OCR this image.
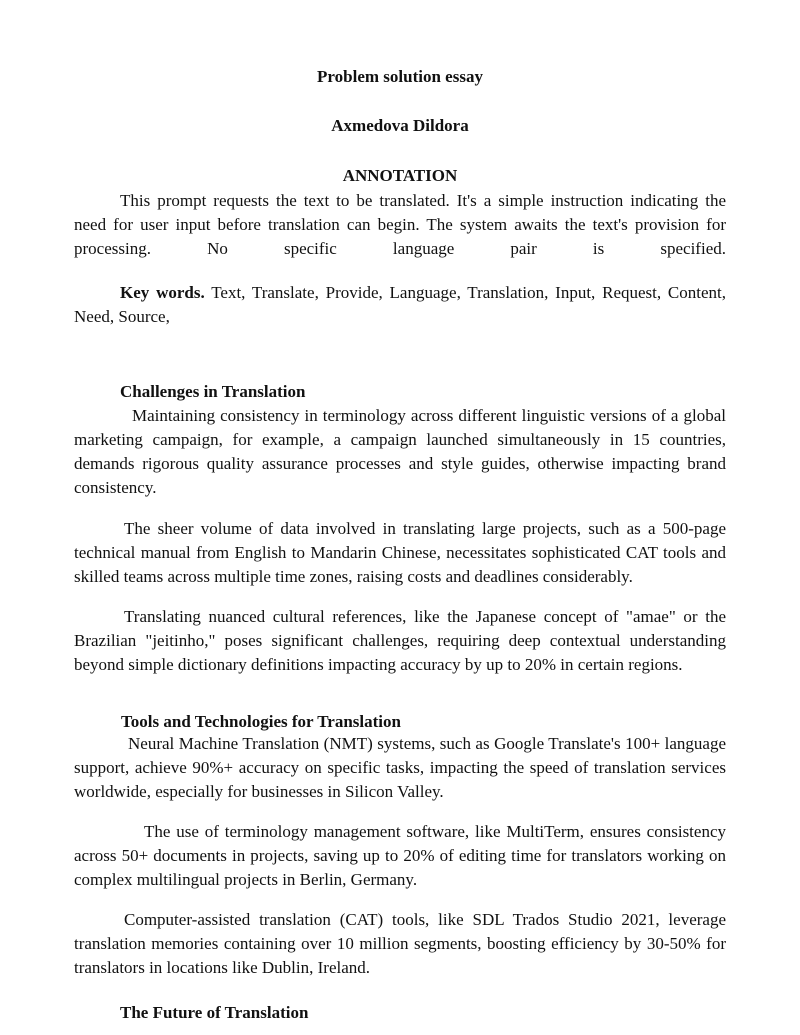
Problem solution essay
Axmedova Dildora
ANNOTATION
This prompt requests the text to be translated. It's a simple instruction indicating the need for user input before translation can begin. The system awaits the text's provision for processing. No specific language pair is specified.
Key words. Text, Translate, Provide, Language, Translation, Input, Request, Content, Need, Source,
Challenges in Translation
Maintaining consistency in terminology across different linguistic versions of a global marketing campaign, for example, a campaign launched simultaneously in 15 countries, demands rigorous quality assurance processes and style guides, otherwise impacting brand consistency.
The sheer volume of data involved in translating large projects, such as a 500-page technical manual from English to Mandarin Chinese, necessitates sophisticated CAT tools and skilled teams across multiple time zones, raising costs and deadlines considerably.
Translating nuanced cultural references, like the Japanese concept of "amae" or the Brazilian "jeitinho," poses significant challenges, requiring deep contextual understanding beyond simple dictionary definitions impacting accuracy by up to 20% in certain regions.
Tools and Technologies for Translation
Neural Machine Translation (NMT) systems, such as Google Translate's 100+ language support, achieve 90%+ accuracy on specific tasks, impacting the speed of translation services worldwide, especially for businesses in Silicon Valley.
The use of terminology management software, like MultiTerm, ensures consistency across 50+ documents in projects, saving up to 20% of editing time for translators working on complex multilingual projects in Berlin, Germany.
Computer-assisted translation (CAT) tools, like SDL Trados Studio 2021, leverage translation memories containing over 10 million segments, boosting efficiency by 30-50% for translators in locations like Dublin, Ireland.
The Future of Translation
